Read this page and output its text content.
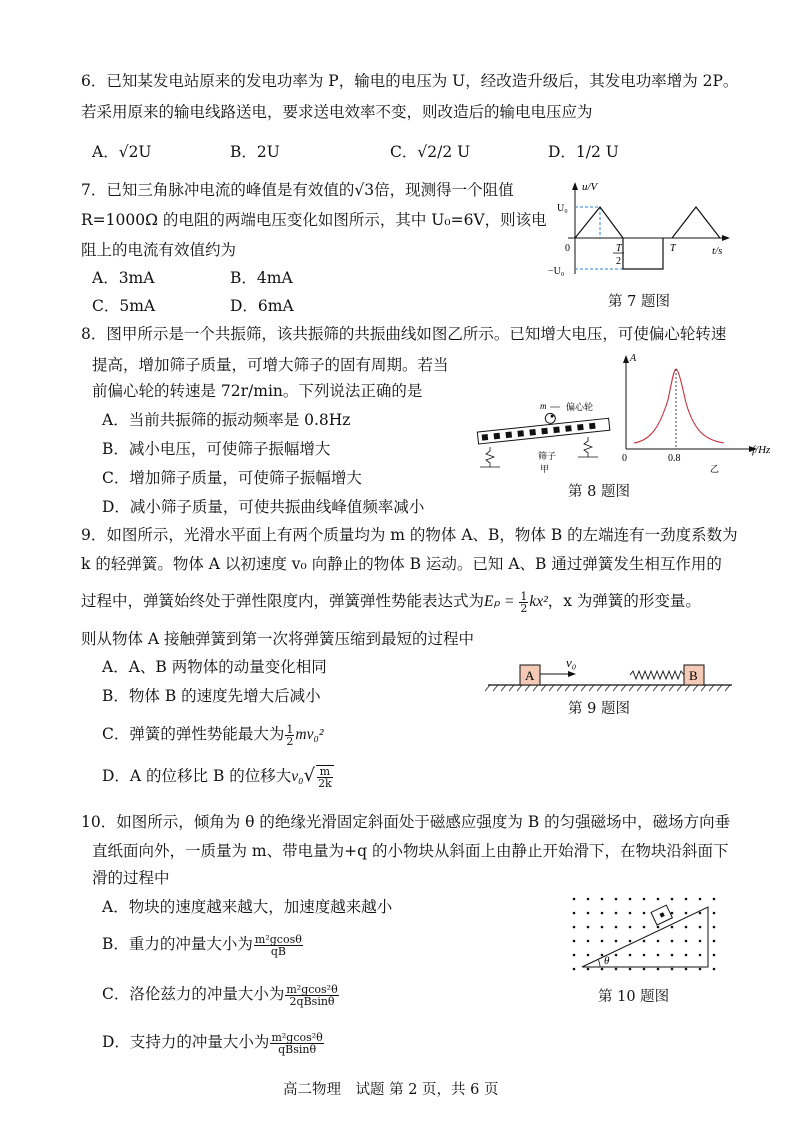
6．已知某发电站原来的发电功率为 P，输电的电压为 U，经改造升级后，其发电功率增为 2P。
若采用原来的输电线路送电，要求送电效率不变，则改造后的输电电压应为
A．√2U	B．2U	C．√2/2 U	D．1/2 U
7．已知三角脉冲电流的峰值是有效值的√3倍，现测得一个阻值
R=1000Ω 的电阻的两端电压变化如图所示，其中 U₀=6V，则该电
阻上的电流有效值约为
A．3mA	B．4mA
C．5mA	D．6mA
u/V
t/s
U₀
−U₀
0	T
2
T
第 7 题图
8．图甲所示是一个共振筛，该共振筛的共振曲线如图乙所示。已知增大电压，可使偏心轮转速
提高，增加筛子质量，可增大筛子的固有周期。若当
前偏心轮的转速是 72r/min。下列说法正确的是
A．当前共振筛的振动频率是 0.8Hz
B．减小电压，可使筛子振幅增大
C．增加筛子质量，可使筛子振幅增大
D．减小筛子质量，可使共振曲线峰值频率减小
m 偏心轮
筛子
甲
A
f/Hz
0	0.8
乙
第 8 题图
9．如图所示，光滑水平面上有两个质量均为 m 的物体 A、B，物体 B 的左端连有一劲度系数为
k 的轻弹簧。物体 A 以初速度 v₀ 向静止的物体 B 运动。已知 A、B 通过弹簧发生相互作用的
过程中，弹簧始终处于弹性限度内，弹簧弹性势能表达式为$E_p = \frac{1}{2} kx^2$，x 为弹簧的形变量。
则从物体 A 接触弹簧到第一次将弹簧压缩到最短的过程中
A．A、B 两物体的动量变化相同
B．物体 B 的速度先增大后减小
C．弹簧的弹性势能最大为 $\frac{1}{2} mv_0^2$
D．A 的位移比 B 的位移大$v_0√ \frac{m}{2k}$
A
v₀
B
第 9 题图
10．如图所示，倾角为 θ 的绝缘光滑固定斜面处于磁感应强度为 B 的匀强磁场中，磁场方向垂
直纸面向外，一质量为 m、带电量为+q 的小物块从斜面上由静止开始滑下，在物块沿斜面下
滑的过程中
A．物块的速度越来越大，加速度越来越小
B．重力的冲量大小为 $\frac{\text{m²gcosθ}}{qB}$
C．洛伦兹力的冲量大小为 $\frac{\text{m²gcos²θ}}{2qBsin\theta}$
D．支持力的冲量大小为 $\frac{\text{m²gcos²θ}}{qBsin\theta}$
θ
第 10 题图
高二物理　试题 第 2 页，共 6 页
